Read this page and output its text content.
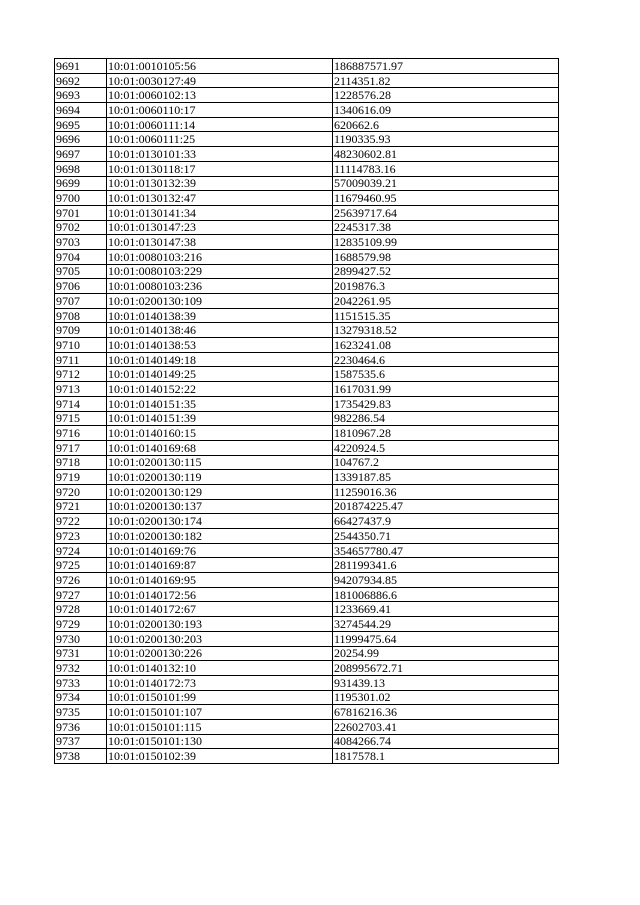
9691	10:01:0010105:56	186887571.97
9692	10:01:0030127:49	2114351.82
9693	10:01:0060102:13	1228576.28
9694	10:01:0060110:17	1340616.09
9695	10:01:0060111:14	620662.6
9696	10:01:0060111:25	1190335.93
9697	10:01:0130101:33	48230602.81
9698	10:01:0130118:17	11114783.16
9699	10:01:0130132:39	57009039.21
9700	10:01:0130132:47	11679460.95
9701	10:01:0130141:34	25639717.64
9702	10:01:0130147:23	2245317.38
9703	10:01:0130147:38	12835109.99
9704	10:01:0080103:216	1688579.98
9705	10:01:0080103:229	2899427.52
9706	10:01:0080103:236	2019876.3
9707	10:01:0200130:109	2042261.95
9708	10:01:0140138:39	1151515.35
9709	10:01:0140138:46	13279318.52
9710	10:01:0140138:53	1623241.08
9711	10:01:0140149:18	2230464.6
9712	10:01:0140149:25	1587535.6
9713	10:01:0140152:22	1617031.99
9714	10:01:0140151:35	1735429.83
9715	10:01:0140151:39	982286.54
9716	10:01:0140160:15	1810967.28
9717	10:01:0140169:68	4220924.5
9718	10:01:0200130:115	104767.2
9719	10:01:0200130:119	1339187.85
9720	10:01:0200130:129	11259016.36
9721	10:01:0200130:137	201874225.47
9722	10:01:0200130:174	66427437.9
9723	10:01:0200130:182	2544350.71
9724	10:01:0140169:76	354657780.47
9725	10:01:0140169:87	281199341.6
9726	10:01:0140169:95	94207934.85
9727	10:01:0140172:56	181006886.6
9728	10:01:0140172:67	1233669.41
9729	10:01:0200130:193	3274544.29
9730	10:01:0200130:203	11999475.64
9731	10:01:0200130:226	20254.99
9732	10:01:0140132:10	208995672.71
9733	10:01:0140172:73	931439.13
9734	10:01:0150101:99	1195301.02
9735	10:01:0150101:107	67816216.36
9736	10:01:0150101:115	22602703.41
9737	10:01:0150101:130	4084266.74
9738	10:01:0150102:39	1817578.1
